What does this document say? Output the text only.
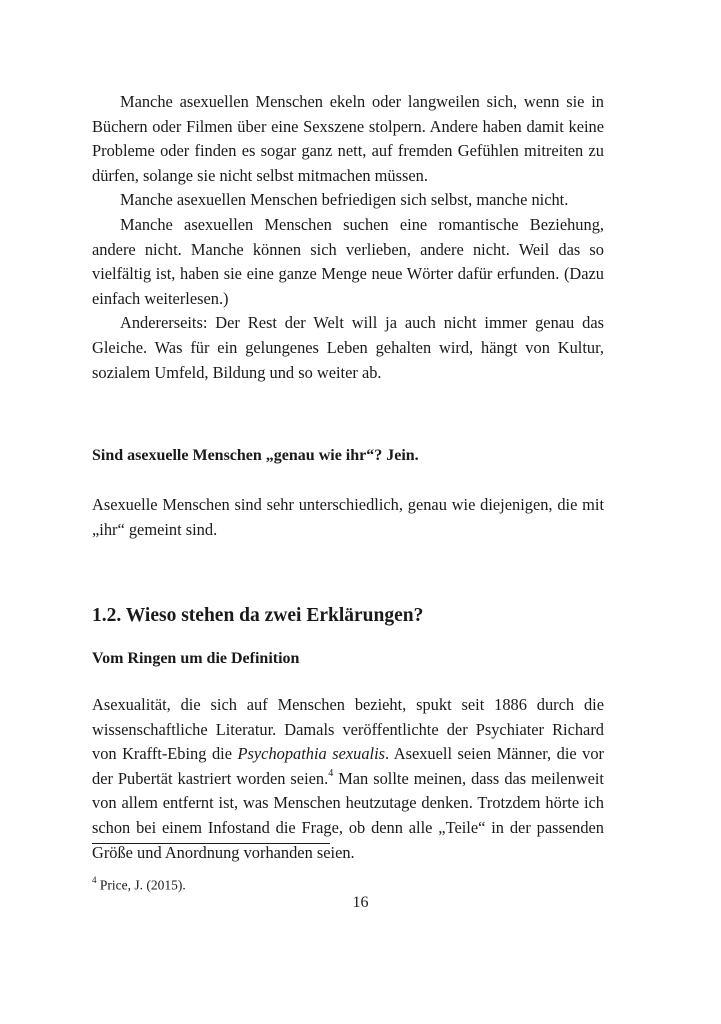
Manche asexuellen Menschen ekeln oder langweilen sich, wenn sie in Büchern oder Filmen über eine Sexszene stolpern. Andere haben damit keine Probleme oder finden es sogar ganz nett, auf fremden Gefühlen mitreiten zu dürfen, solange sie nicht selbst mitmachen müssen.

Manche asexuellen Menschen befriedigen sich selbst, manche nicht.

Manche asexuellen Menschen suchen eine romantische Beziehung, andere nicht. Manche können sich verlieben, andere nicht. Weil das so vielfältig ist, haben sie eine ganze Menge neue Wörter dafür erfunden. (Dazu einfach weiterlesen.)

Andererseits: Der Rest der Welt will ja auch nicht immer genau das Gleiche. Was für ein gelungenes Leben gehalten wird, hängt von Kultur, sozialem Umfeld, Bildung und so weiter ab.

Sind asexuelle Menschen „genau wie ihr“? Jein.

Asexuelle Menschen sind sehr unterschiedlich, genau wie diejenigen, die mit „ihr“ gemeint sind.

1.2. Wieso stehen da zwei Erklärungen?
Vom Ringen um die Definition

Asexualität, die sich auf Menschen bezieht, spukt seit 1886 durch die wissenschaftliche Literatur. Damals veröffentlichte der Psychiater Richard von Krafft-Ebing die Psychopathia sexualis. Asexuell seien Männer, die vor der Pubertät kastriert worden seien.$^4$ Man sollte meinen, dass das meilenweit von allem entfernt ist, was Menschen heutzutage denken. Trotzdem hörte ich schon bei einem Infostand die Frage, ob denn alle „Teile“ in der passenden Größe und Anordnung vorhanden seien.

$^4$ Price, J. (2015).
16
